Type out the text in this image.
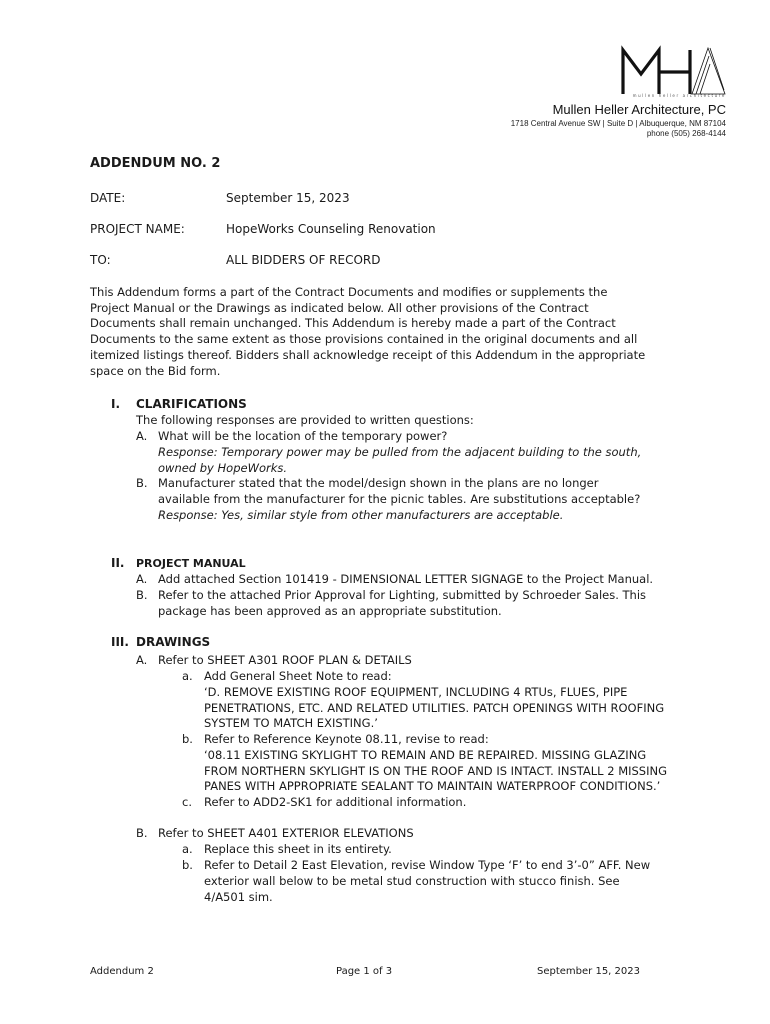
mullen heller architecture
Mullen Heller Architecture, PC
1718 Central Avenue SW | Suite D | Albuquerque, NM 87104
phone (505) 268-4144
ADDENDUM NO. 2
DATE:	September 15, 2023
PROJECT NAME:	HopeWorks Counseling Renovation
TO:	ALL BIDDERS OF RECORD

This Addendum forms a part of the Contract Documents and modifies or supplements the
Project Manual or the Drawings as indicated below. All other provisions of the Contract
Documents shall remain unchanged. This Addendum is hereby made a part of the Contract
Documents to the same extent as those provisions contained in the original documents and all
itemized listings thereof. Bidders shall acknowledge receipt of this Addendum in the appropriate
space on the Bid form.

I. CLARIFICATIONS
The following responses are provided to written questions:
A. What will be the location of the temporary power?
Response: Temporary power may be pulled from the adjacent building to the south,
owned by HopeWorks.
B. Manufacturer stated that the model/design shown in the plans are no longer
available from the manufacturer for the picnic tables. Are substitutions acceptable?
Response: Yes, similar style from other manufacturers are acceptable.
II. PROJECT MANUAL
A. Add attached Section 101419 - DIMENSIONAL LETTER SIGNAGE to the Project Manual.
B. Refer to the attached Prior Approval for Lighting, submitted by Schroeder Sales. This
package has been approved as an appropriate substitution.
III. DRAWINGS
A. Refer to SHEET A301 ROOF PLAN & DETAILS
a. Add General Sheet Note to read:
‘D. REMOVE EXISTING ROOF EQUIPMENT, INCLUDING 4 RTUs, FLUES, PIPE
PENETRATIONS, ETC. AND RELATED UTILITIES. PATCH OPENINGS WITH ROOFING
SYSTEM TO MATCH EXISTING.’
b. Refer to Reference Keynote 08.11, revise to read:
‘08.11 EXISTING SKYLIGHT TO REMAIN AND BE REPAIRED. MISSING GLAZING
FROM NORTHERN SKYLIGHT IS ON THE ROOF AND IS INTACT. INSTALL 2 MISSING
PANES WITH APPROPRIATE SEALANT TO MAINTAIN WATERPROOF CONDITIONS.’
c. Refer to ADD2-SK1 for additional information.
B. Refer to SHEET A401 EXTERIOR ELEVATIONS
a. Replace this sheet in its entirety.
b. Refer to Detail 2 East Elevation, revise Window Type ‘F’ to end 3’-0” AFF. New
exterior wall below to be metal stud construction with stucco finish. See
4/A501 sim.
Addendum 2	Page 1 of 3	September 15, 2023
